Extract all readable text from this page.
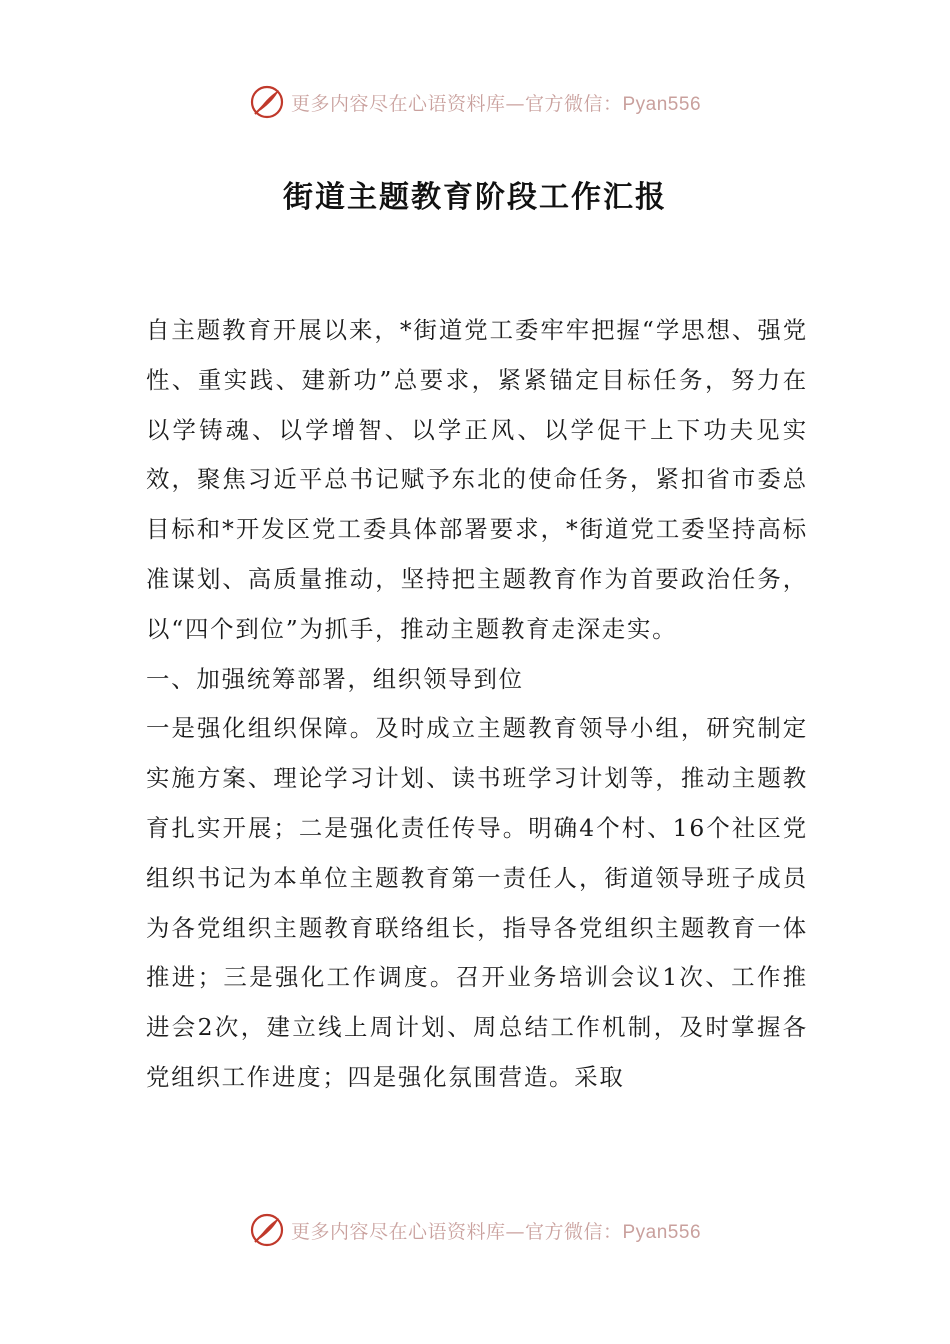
更多内容尽在心语资料库—官方微信：Pyan556
街道主题教育阶段工作汇报

自主题教育开展以来，*街道党工委牢牢把握“学思想、强党性、重实践、建新功”总要求，紧紧锚定目标任务，努力在以学铸魂、以学增智、以学正风、以学促干上下功夫见实效，聚焦习近平总书记赋予东北的使命任务，紧扣省市委总目标和*开发区党工委具体部署要求，*街道党工委坚持高标准谋划、高质量推动，坚持把主题教育作为首要政治任务，以“四个到位”为抓手，推动主题教育走深走实。

一、加强统筹部署，组织领导到位

一是强化组织保障。及时成立主题教育领导小组，研究制定实施方案、理论学习计划、读书班学习计划等，推动主题教育扎实开展；二是强化责任传导。明确4个村、16个社区党组织书记为本单位主题教育第一责任人，街道领导班子成员为各党组织主题教育联络组长，指导各党组织主题教育一体推进；三是强化工作调度。召开业务培训会议1次、工作推进会2次，建立线上周计划、周总结工作机制，及时掌握各党组织工作进度；四是强化氛围营造。采取

更多内容尽在心语资料库—官方微信：Pyan556
